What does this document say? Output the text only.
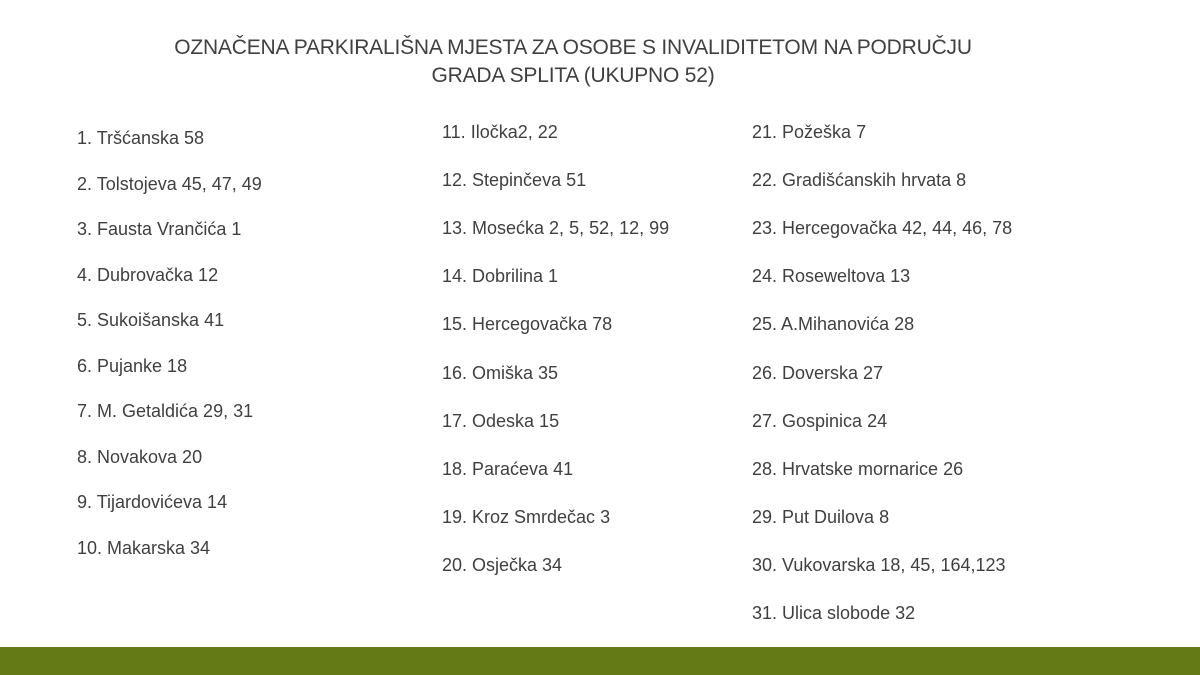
OZNAČENA PARKIRALIŠNA MJESTA ZA OSOBE S INVALIDITETOM NA PODRUČJU
GRADA SPLITA (UKUPNO 52)
1. Tršćanska 58
2. Tolstojeva 45, 47, 49
3. Fausta Vrančića 1
4. Dubrovačka 12
5. Sukoišanska 41
6. Pujanke 18
7. M. Getaldića 29, 31
8. Novakova 20
9. Tijardovićeva 14
10. Makarska 34
11. Iločka2, 22
12. Stepinčeva 51
13. Mosećka 2, 5, 52, 12, 99
14. Dobrilina 1
15. Hercegovačka 78
16. Omiška 35
17. Odeska 15
18. Paraćeva 41
19. Kroz Smrdečac 3
20. Osječka 34
21. Požeška 7
22. Gradišćanskih hrvata 8
23. Hercegovačka 42, 44, 46, 78
24. Roseweltova 13
25. A.Mihanovića 28
26. Doverska 27
27. Gospinica 24
28. Hrvatske mornarice 26
29. Put Duilova 8
30. Vukovarska 18, 45, 164,123
31. Ulica slobode 32
